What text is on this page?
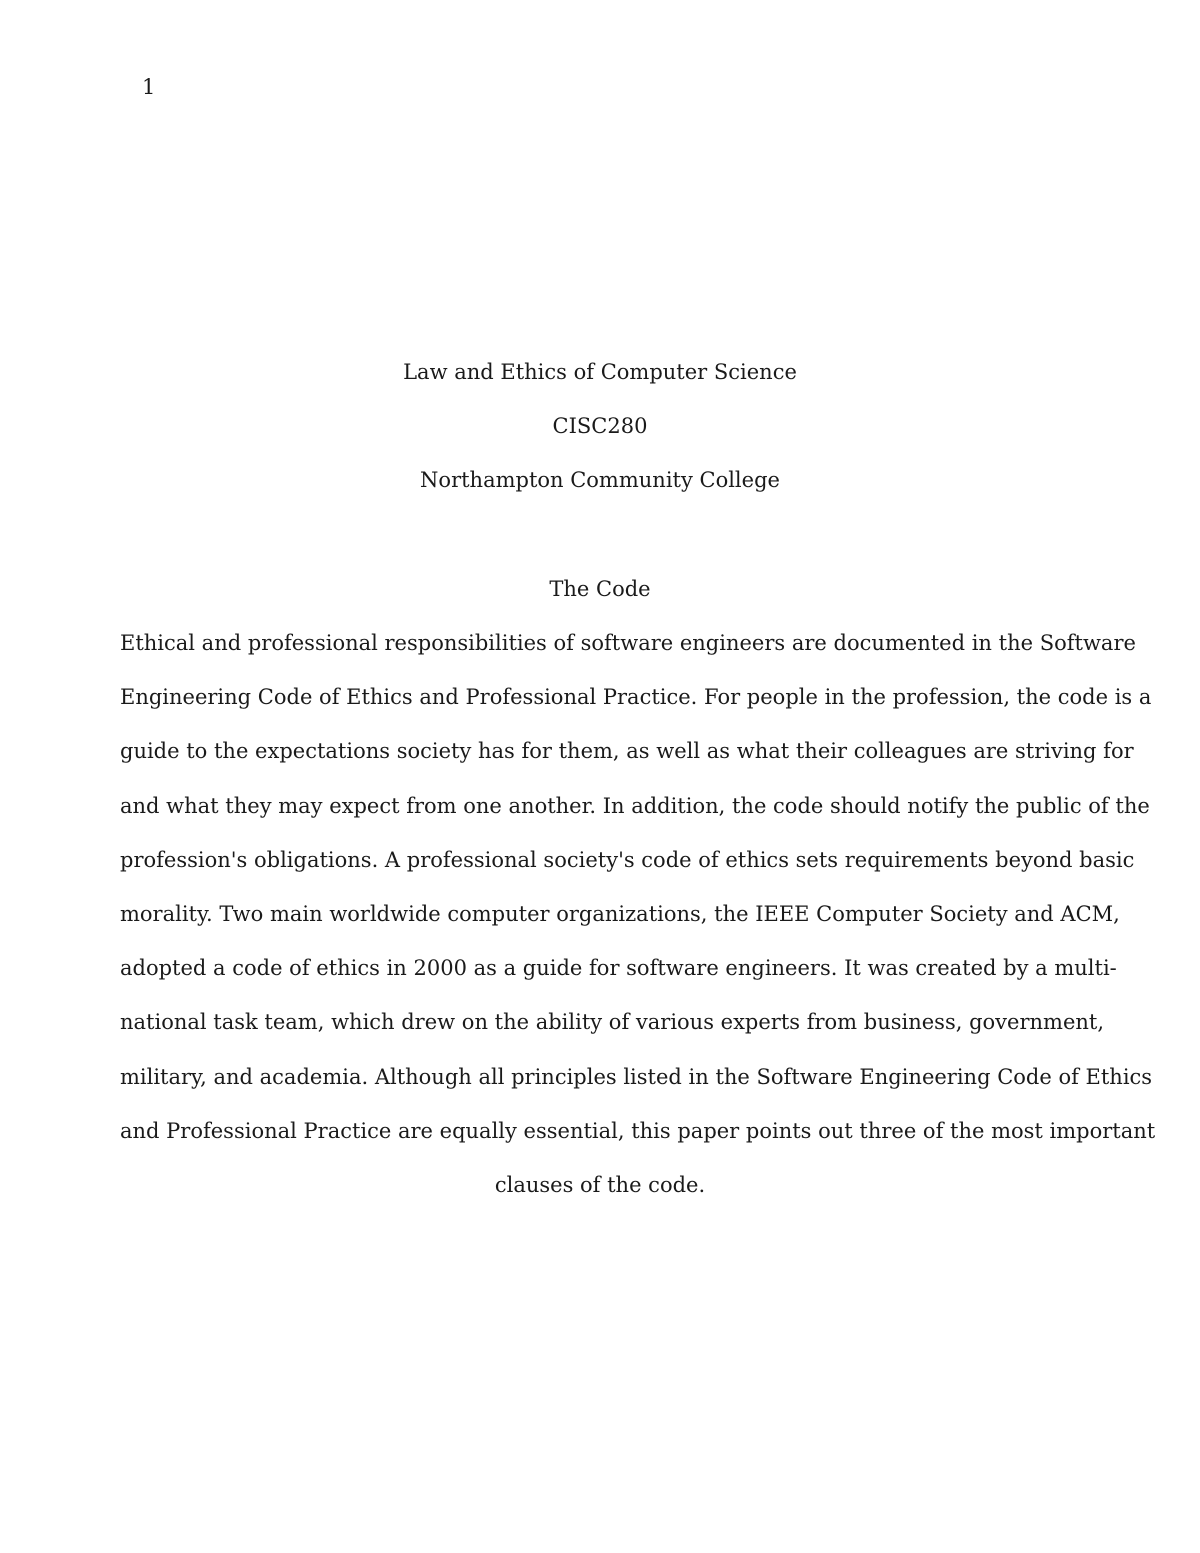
1
Law and Ethics of Computer Science
CISC280
Northampton Community College
The Code
Ethical and professional responsibilities of software engineers are documented in the Software
Engineering Code of Ethics and Professional Practice. For people in the profession, the code is a
guide to the expectations society has for them, as well as what their colleagues are striving for
and what they may expect from one another. In addition, the code should notify the public of the
profession's obligations. A professional society's code of ethics sets requirements beyond basic
morality. Two main worldwide computer organizations, the IEEE Computer Society and ACM,
adopted a code of ethics in 2000 as a guide for software engineers. It was created by a multi-
national task team, which drew on the ability of various experts from business, government,
military, and academia. Although all principles listed in the Software Engineering Code of Ethics
and Professional Practice are equally essential, this paper points out three of the most important
clauses of the code.
